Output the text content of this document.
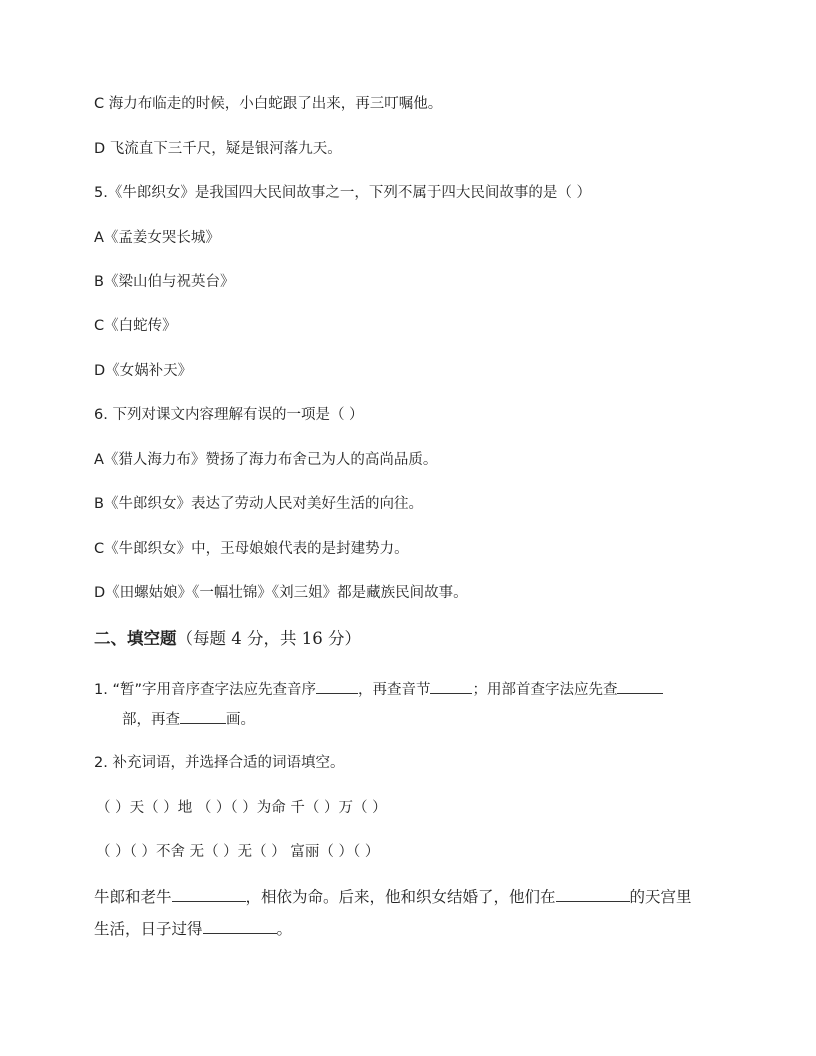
C 海力布临走的时候，小白蛇跟了出来，再三叮嘱他。
D 飞流直下三千尺，疑是银河落九天。
5.《牛郎织女》是我国四大民间故事之一，下列不属于四大民间故事的是（ ）
A《孟姜女哭长城》
B《梁山伯与祝英台》
C《白蛇传》
D《女娲补天》
6. 下列对课文内容理解有误的一项是（ ）
A《猎人海力布》赞扬了海力布舍己为人的高尚品质。
B《牛郎织女》表达了劳动人民对美好生活的向往。
C《牛郎织女》中，王母娘娘代表的是封建势力。
D《田螺姑娘》《一幅壮锦》《刘三姐》都是藏族民间故事。
二、填空题（每题 4 分，共 16 分）
1. “暂”字用音序查字法应先查音序	，再查音节	；用部首查字法应先查
部，再查	画。
2. 补充词语，并选择合适的词语填空。
（ ）天（ ）地 （ ）（ ）为命 千（ ）万（ ）
（ ）（ ）不舍 无（ ）无（ ） 富丽（ ）（ ）
牛郎和老牛	，相依为命。后来，他和织女结婚了，他们在	的天宫里
生活，日子过得	。
